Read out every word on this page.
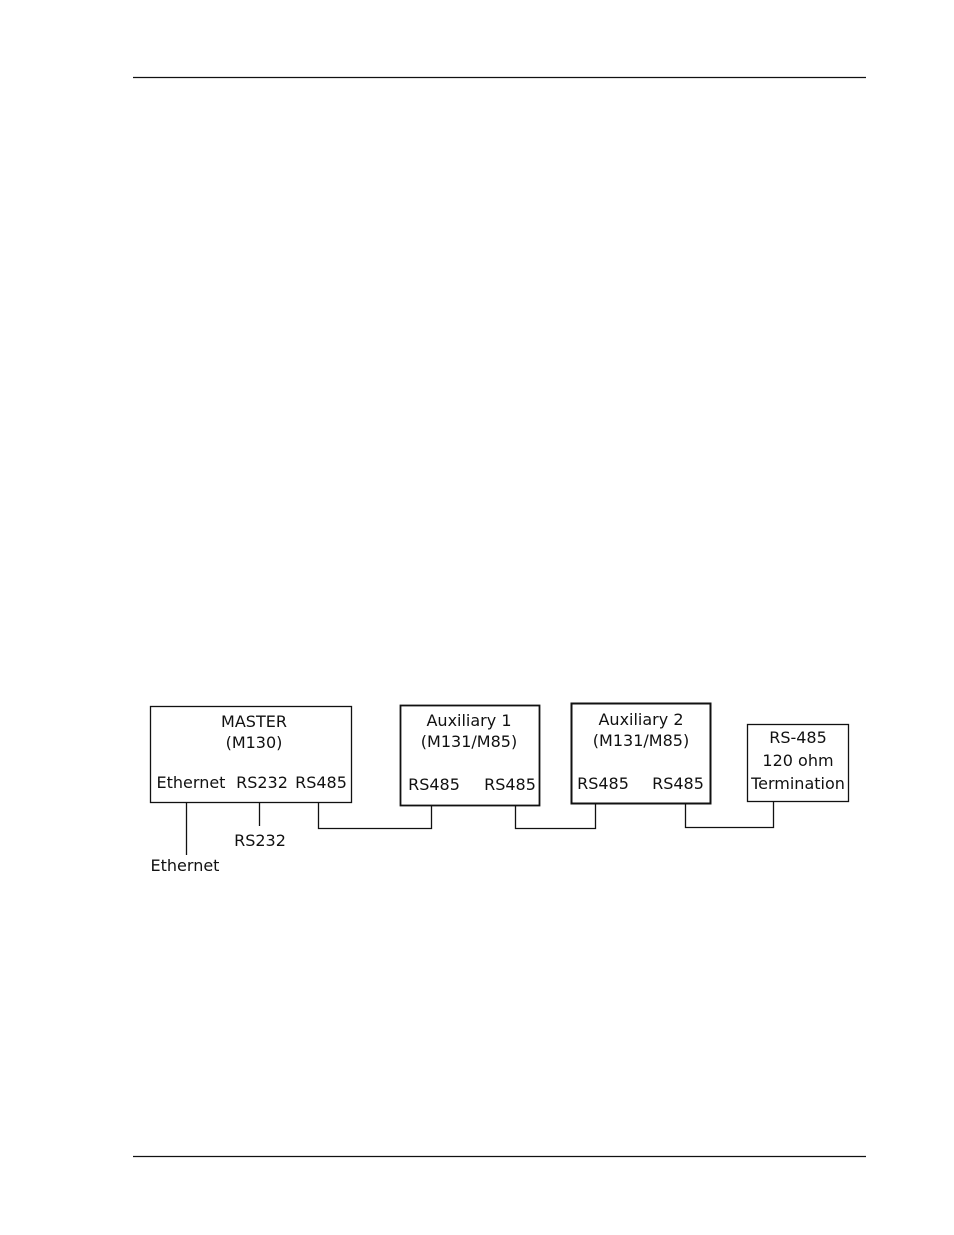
MASTER
(M130)
Ethernet RS232 RS485
Auxiliary 1
(M131/M85)
RS485 RS485
Auxiliary 2
(M131/M85)
RS485 RS485
RS-485
120 ohm
Termination
Ethernet
RS232
